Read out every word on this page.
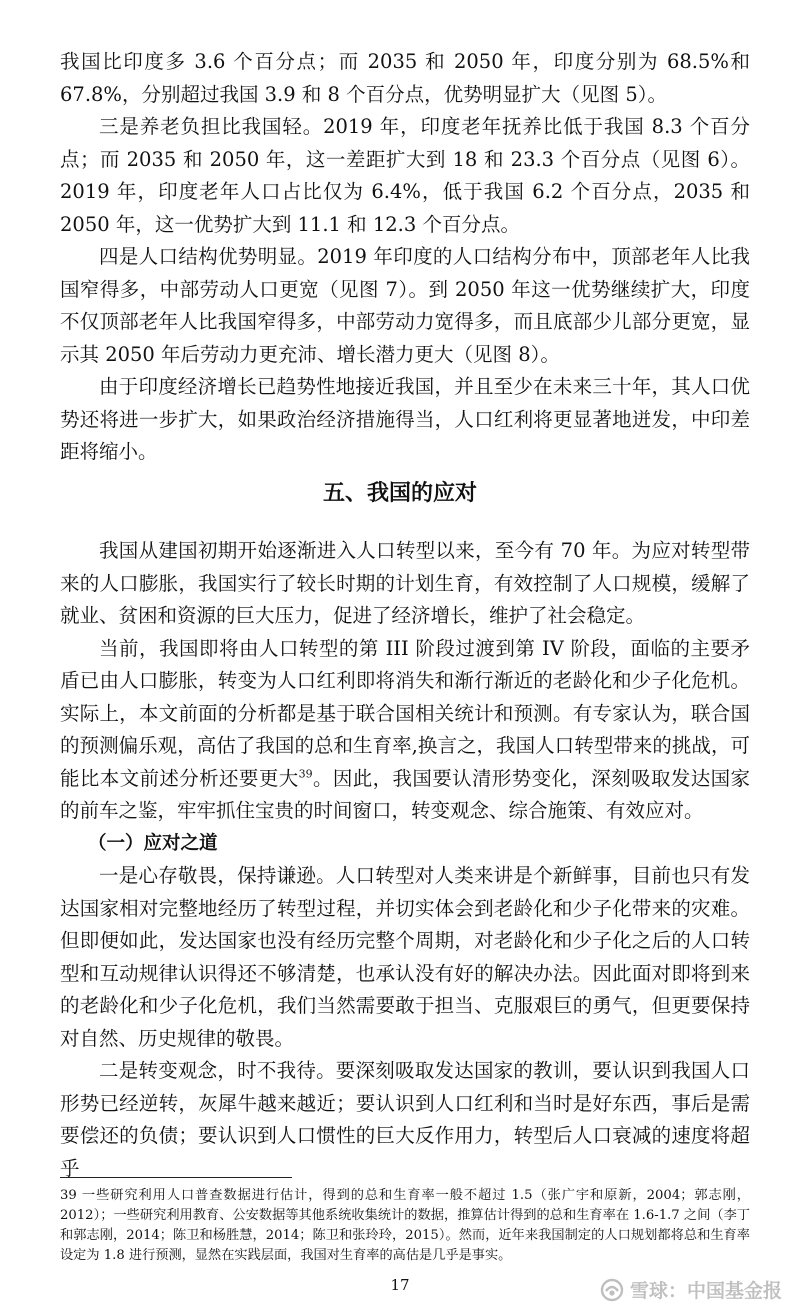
我国比印度多 3.6 个百分点；而 2035 和 2050 年，印度分别为 68.5%和 67.8%，分别超过我国 3.9 和 8 个百分点，优势明显扩大（见图 5）。

三是养老负担比我国轻。2019 年，印度老年抚养比低于我国 8.3 个百分点；而 2035 和 2050 年，这一差距扩大到 18 和 23.3 个百分点（见图 6）。2019 年，印度老年人口占比仅为 6.4%，低于我国 6.2 个百分点，2035 和 2050 年，这一优势扩大到 11.1 和 12.3 个百分点。

四是人口结构优势明显。2019 年印度的人口结构分布中，顶部老年人比我国窄得多，中部劳动人口更宽（见图 7）。到 2050 年这一优势继续扩大，印度不仅顶部老年人比我国窄得多，中部劳动力宽得多，而且底部少儿部分更宽，显示其 2050 年后劳动力更充沛、增长潜力更大（见图 8）。

由于印度经济增长已趋势性地接近我国，并且至少在未来三十年，其人口优势还将进一步扩大，如果政治经济措施得当，人口红利将更显著地迸发，中印差距将缩小。

五、我国的应对

我国从建国初期开始逐渐进入人口转型以来，至今有 70 年。为应对转型带来的人口膨胀，我国实行了较长时期的计划生育，有效控制了人口规模，缓解了就业、贫困和资源的巨大压力，促进了经济增长，维护了社会稳定。

当前，我国即将由人口转型的第 III 阶段过渡到第 IV 阶段，面临的主要矛盾已由人口膨胀，转变为人口红利即将消失和渐行渐近的老龄化和少子化危机。实际上，本文前面的分析都是基于联合国相关统计和预测。有专家认为，联合国的预测偏乐观，高估了我国的总和生育率,换言之，我国人口转型带来的挑战，可能比本文前述分析还要更大$^{39}$。因此，我国要认清形势变化，深刻吸取发达国家的前车之鉴，牢牢抓住宝贵的时间窗口，转变观念、综合施策、有效应对。

（一）应对之道

一是心存敬畏，保持谦逊。人口转型对人类来讲是个新鲜事，目前也只有发达国家相对完整地经历了转型过程，并切实体会到老龄化和少子化带来的灾难。但即便如此，发达国家也没有经历完整个周期，对老龄化和少子化之后的人口转型和互动规律认识得还不够清楚，也承认没有好的解决办法。因此面对即将到来的老龄化和少子化危机，我们当然需要敢于担当、克服艰巨的勇气，但更要保持对自然、历史规律的敬畏。

二是转变观念，时不我待。要深刻吸取发达国家的教训，要认识到我国人口形势已经逆转，灰犀牛越来越近；要认识到人口红利和当时是好东西，事后是需要偿还的负债；要认识到人口惯性的巨大反作用力，转型后人口衰减的速度将超乎

39 一些研究利用人口普查数据进行估计，得到的总和生育率一般不超过 1.5（张广宇和原新，2004；郭志刚，2012）；一些研究利用教育、公安数据等其他系统收集统计的数据，推算估计得到的总和生育率在 1.6-1.7 之间（李丁和郭志刚，2014；陈卫和杨胜慧，2014；陈卫和张玲玲，2015）。然而，近年来我国制定的人口规划都将总和生育率设定为 1.8 进行预测，显然在实践层面，我国对生育率的高估是几乎是事实。
17	雪球：中国基金报
